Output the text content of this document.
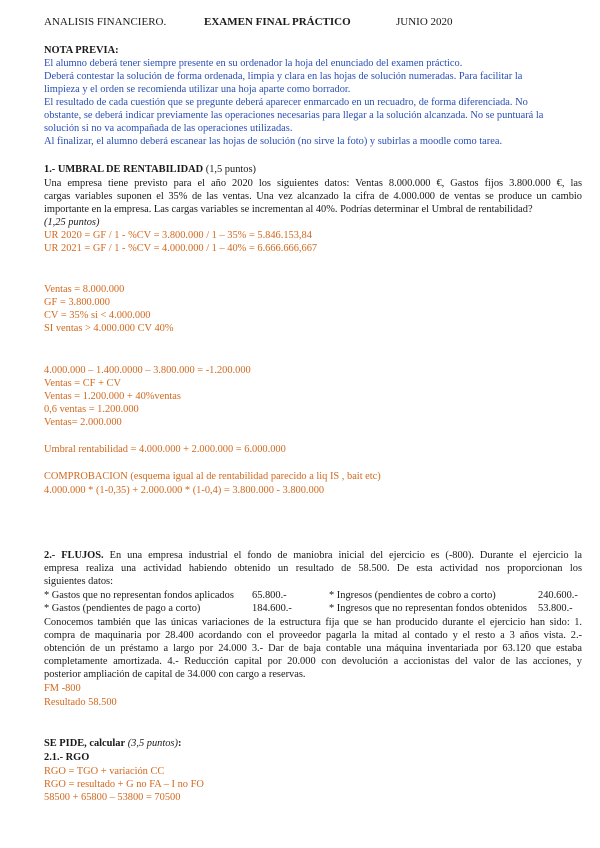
ANALISIS FINANCIERO.	EXAMEN FINAL PRÁCTICO	JUNIO 2020
NOTA PREVIA:
El alumno deberá tener siempre presente en su ordenador la hoja del enunciado del examen práctico.
Deberá contestar la solución de forma ordenada, limpia y clara en las hojas de solución numeradas. Para facilitar la
limpieza y el orden se recomienda utilizar una hoja aparte como borrador.
El resultado de cada cuestión que se pregunte deberá aparecer enmarcado en un recuadro, de forma diferenciada. No
obstante, se deberá indicar previamente las operaciones necesarias para llegar a la solución alcanzada. No se puntuará la
solución si no va acompañada de las operaciones utilizadas.
Al finalizar, el alumno deberá escanear las hojas de solución (no sirve la foto) y subirlas a moodle como tarea.
1.- UMBRAL DE RENTABILIDAD (1,5 puntos)
Una empresa tiene previsto para el año 2020 los siguientes datos: Ventas 8.000.000 €, Gastos fijos 3.800.000 €, las
cargas variables suponen el 35% de las ventas. Una vez alcanzado la cifra de 4.000.000 de ventas se produce un cambio
importante en la empresa. Las cargas variables se incrementan al 40%. Podrías determinar el Umbral de rentabilidad?
(1,25 puntos)
UR 2020 = GF / 1 - %CV = 3.800.000 / 1 – 35% = 5.846.153,84
UR 2021 = GF / 1 - %CV = 4.000.000 / 1 – 40% = 6.666.666,667
Ventas = 8.000.000
GF = 3.800.000
CV = 35% si < 4.000.000
SI ventas > 4.000.000 CV 40%
4.000.000 – 1.400.0000 – 3.800.000 = -1.200.000
Ventas = CF + CV
Ventas = 1.200.000 + 40%ventas
0,6 ventas = 1.200.000
Ventas= 2.000.000
Umbral rentabilidad = 4.000.000 + 2.000.000 = 6.000.000
COMPROBACION (esquema igual al de rentabilidad parecido a liq IS , bait etc)
4.000.000 * (1-0,35) + 2.000.000 * (1-0,4) = 3.800.000 - 3.800.000
2.- FLUJOS. En una empresa industrial el fondo de maniobra inicial del ejercicio es (-800). Durante el ejercicio la
empresa realiza una actividad habiendo obtenido un resultado de 58.500. De esta actividad nos proporcionan los
siguientes datos:
* Gastos que no representan fondos aplicados 65.800.-	* Ingresos (pendientes de cobro a corto)	240.600.-
* Gastos (pendientes de pago a corto)	184.600.-	* Ingresos que no representan fondos obtenidos 53.800.-
Conocemos también que las únicas variaciones de la estructura fija que se han producido durante el ejercicio han sido: 1.
compra de maquinaria por 28.400 acordando con el proveedor pagarla la mitad al contado y el resto a 3 años vista. 2.-
obtención de un préstamo a largo por 24.000 3.- Dar de baja contable una máquina inventariada por 63.120 que estaba
completamente amortizada. 4.- Reducción capital por 20.000 con devolución a accionistas del valor de las acciones, y
posterior ampliación de capital de 34.000 con cargo a reservas.
FM -800
Resultado 58.500
SE PIDE, calcular (3,5 puntos):
2.1.- RGO
RGO = TGO + variación CC
RGO = resultado + G no FA – I no FO
58500 + 65800 – 53800 = 70500
